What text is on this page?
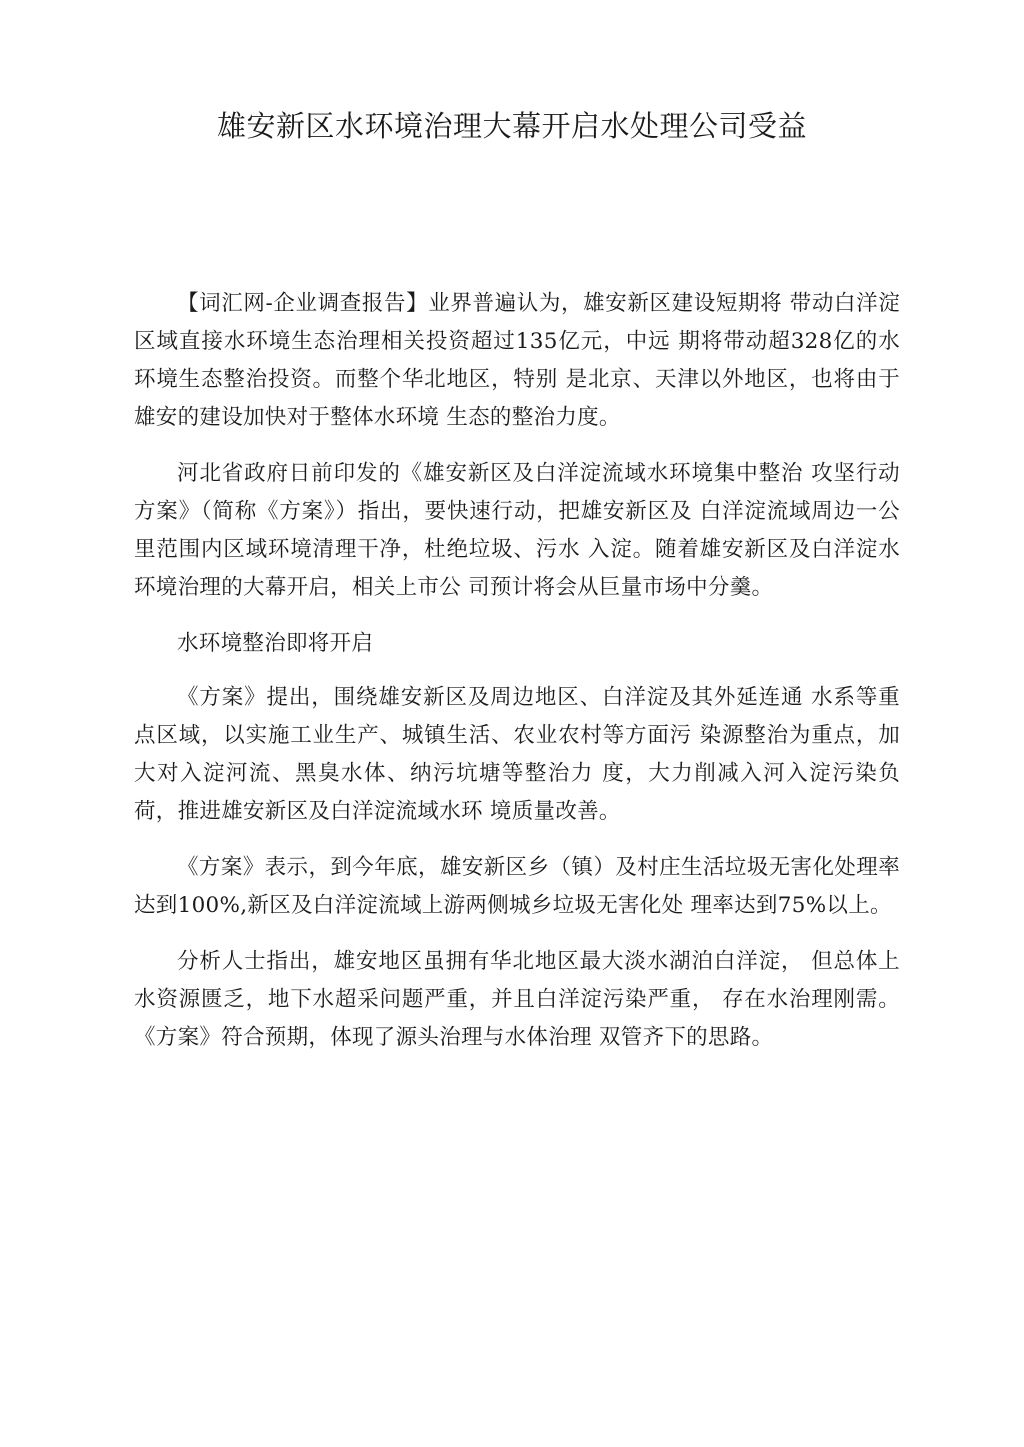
雄安新区水环境治理大幕开启水处理公司受益

【词汇网-企业调查报告】业界普遍认为，雄安新区建设短期将 带动白洋淀区域直接水环境生态治理相关投资超过135亿元，中远 期将带动超328亿的水环境生态整治投资。而整个华北地区，特别 是北京、天津以外地区，也将由于雄安的建设加快对于整体水环境 生态的整治力度。

河北省政府日前印发的《雄安新区及白洋淀流域水环境集中整治 攻坚行动方案》（简称《方案》）指出，要快速行动，把雄安新区及 白洋淀流域周边一公里范围内区域环境清理干净，杜绝垃圾、污水 入淀。随着雄安新区及白洋淀水环境治理的大幕开启，相关上市公 司预计将会从巨量市场中分羹。

水环境整治即将开启

《方案》提出，围绕雄安新区及周边地区、白洋淀及其外延连通 水系等重点区域，以实施工业生产、城镇生活、农业农村等方面污 染源整治为重点，加大对入淀河流、黑臭水体、纳污坑塘等整治力 度，大力削减入河入淀污染负荷，推进雄安新区及白洋淀流域水环 境质量改善。

《方案》表示，到今年底，雄安新区乡（镇）及村庄生活垃圾无害化处理率达到100%,新区及白洋淀流域上游两侧城乡垃圾无害化处 理率达到75%以上。

分析人士指出，雄安地区虽拥有华北地区最大淡水湖泊白洋淀， 但总体上水资源匮乏，地下水超采问题严重，并且白洋淀污染严重， 存在水治理刚需。《方案》符合预期，体现了源头治理与水体治理 双管齐下的思路。
